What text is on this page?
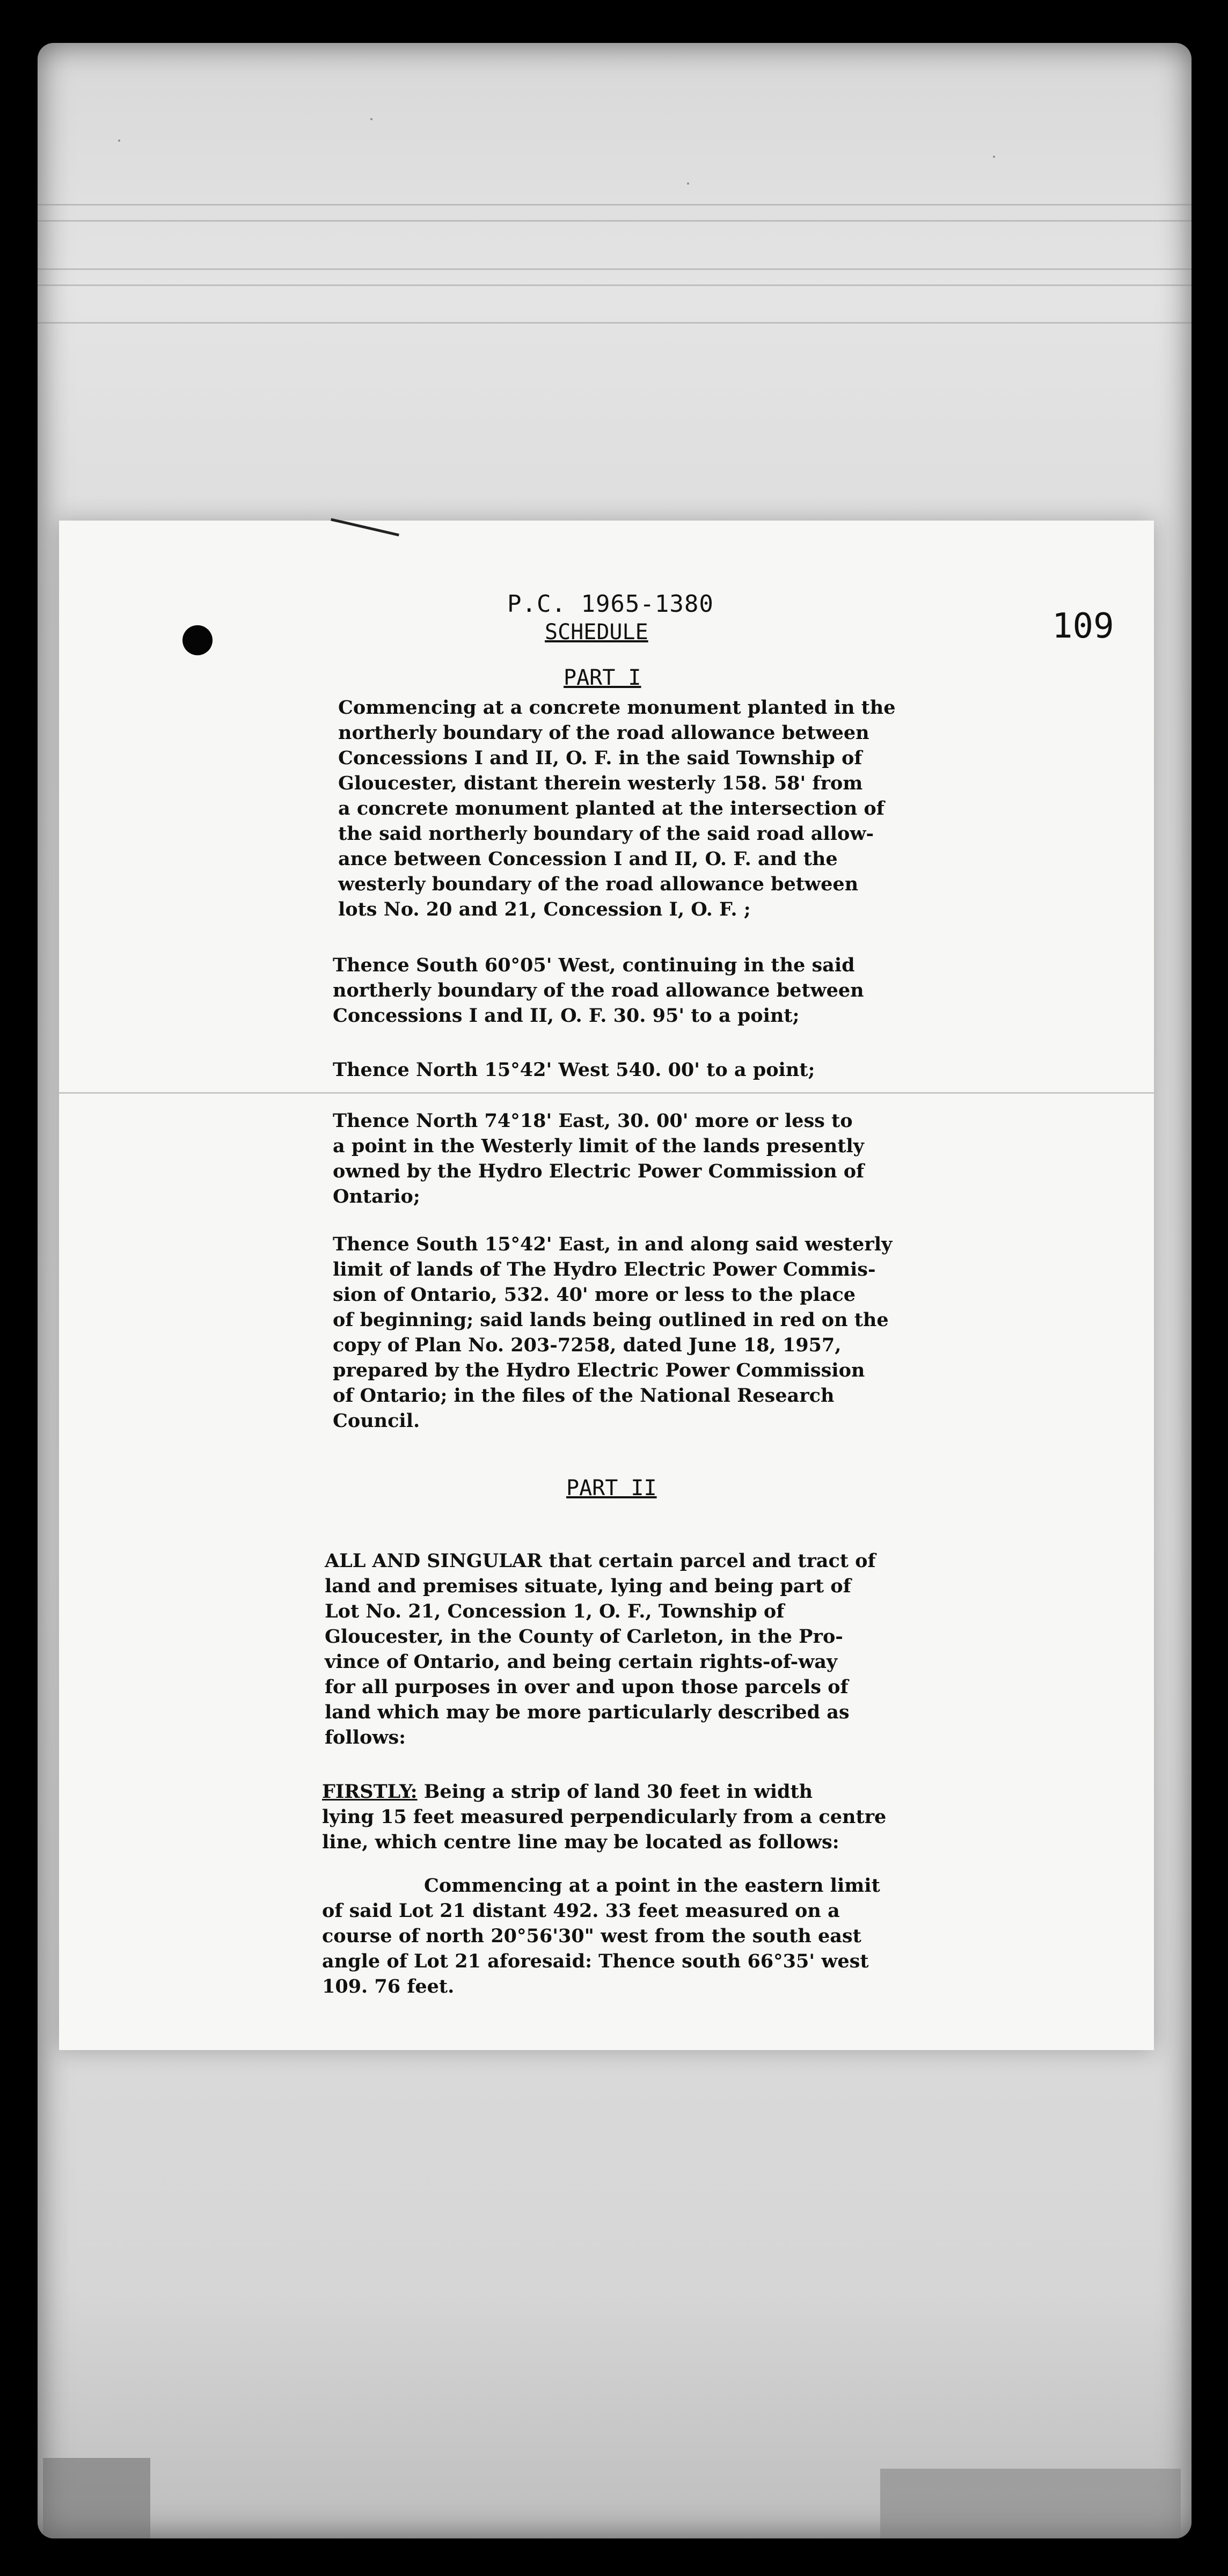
P.C. 1965-1380
SCHEDULE	109
PART I
Commencing at a concrete monument planted in the
northerly boundary of the road allowance between
Concessions I and II, O. F. in the said Township of
Gloucester, distant therein westerly 158. 58' from
a concrete monument planted at the intersection of
the said northerly boundary of the said road allow-
ance between Concession I and II, O. F. and the
westerly boundary of the road allowance between
lots No. 20 and 21, Concession I, O. F. ;
Thence South 60°05' West, continuing in the said
northerly boundary of the road allowance between
Concessions I and II, O. F. 30. 95' to a point;
Thence North 15°42' West 540. 00' to a point;
Thence North 74°18' East, 30. 00' more or less to
a point in the Westerly limit of the lands presently
owned by the Hydro Electric Power Commission of
Ontario;
Thence South 15°42' East, in and along said westerly
limit of lands of The Hydro Electric Power Commis-
sion of Ontario, 532. 40' more or less to the place
of beginning; said lands being outlined in red on the
copy of Plan No. 203-7258, dated June 18, 1957,
prepared by the Hydro Electric Power Commission
of Ontario; in the files of the National Research
Council.
PART II
ALL AND SINGULAR that certain parcel and tract of
land and premises situate, lying and being part of
Lot No. 21, Concession 1, O. F., Township of
Gloucester, in the County of Carleton, in the Pro-
vince of Ontario, and being certain rights-of-way
for all purposes in over and upon those parcels of
land which may be more particularly described as
follows:
FIRSTLY: Being a strip of land 30 feet in width
lying 15 feet measured perpendicularly from a centre
line, which centre line may be located as follows:
Commencing at a point in the eastern limit
of said Lot 21 distant 492. 33 feet measured on a
course of north 20°56'30" west from the south east
angle of Lot 21 aforesaid: Thence south 66°35' west
109. 76 feet.
